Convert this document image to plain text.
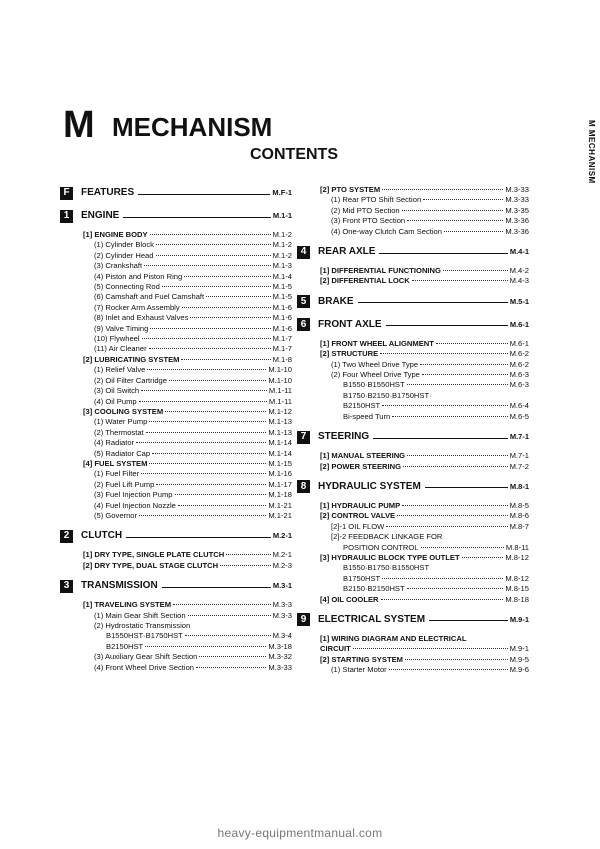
M MECHANISM
CONTENTS	M MECHANISM
F	FEATURES	M.F-1
1	ENGINE	M.1-1
[1] ENGINE BODY	M.1-2
(1) Cylinder Block	M.1-2
(2) Cylinder Head	M.1-2
(3) Crankshaft	M.1-3
(4) Piston and Piston Ring	M.1-4
(5) Connecting Rod	M.1-5
(6) Camshaft and Fuel Camshaft	M.1-5
(7) Rocker Arm Assembly	M.1-6
(8) Inlet and Exhaust Valves	M.1-6
(9) Valve Timing	M.1-6
(10) Flywheel	M.1-7
(11) Air Cleaner	M.1-7
[2] LUBRICATING SYSTEM	M.1-8
(1) Relief Valve	M.1-10
(2) Oil Filter Cartridge	M.1-10
(3) Oil Switch	M.1-11
(4) Oil Pump	M.1-11
[3] COOLING SYSTEM	M.1-12
(1) Water Pump	M.1-13
(2) Thermostat	M.1-13
(4) Radiator	M.1-14
(5) Radiator Cap	M.1-14
[4] FUEL SYSTEM	M.1-15
(1) Fuel Filter	M.1-16
(2) Fuel Lift Pump	M.1-17
(3) Fuel Injection Pump	M.1-18
(4) Fuel Injection Nozzle	M.1-21
(5) Governor	M.1-21
2	CLUTCH	M.2-1
[1] DRY TYPE, SINGLE PLATE CLUTCH	M.2-1
[2] DRY TYPE, DUAL STAGE CLUTCH	M.2-3
3	TRANSMISSION	M.3-1
[1] TRAVELING SYSTEM	M.3-3
(1) Main Gear Shift Section	M.3-3
(2) Hydrostatic Transmission
B1550HST·B1750HST	M.3-4
B2150HST	M.3-18
(3) Auxiliary Gear Shift Section	M.3-32
(4) Front Wheel Drive Section	M.3-33
[2] PTO SYSTEM	M.3-33
(1) Rear PTO Shift Section	M.3-33
(2) Mid PTO Section	M.3-35
(3) Front PTO Section	M.3-36
(4) One-way Clutch Cam Section	M.3-36
4	REAR AXLE	M.4-1
[1] DIFFERENTIAL FUNCTIONING	M.4-2
[2] DIFFERENTIAL LOCK	M.4-3
5	BRAKE	M.5-1
6	FRONT AXLE	M.6-1
[1] FRONT WHEEL ALIGNMENT	M.6-1
[2] STRUCTURE	M.6-2
(1) Two Wheel Drive Type	M.6-2
(2) Four Wheel Drive Type	M.6-3
B1550·B1550HST	M.6-3
B1750·B2150·B1750HST·
B2150HST	M.6-4
Bi-speed Turn	M.6-5
7	STEERING	M.7-1
[1] MANUAL STEERING	M.7-1
[2] POWER STEERING	M.7-2
8	HYDRAULIC SYSTEM	M.8-1
[1] HYDRAULIC PUMP	M.8-5
[2] CONTROL VALVE	M.8-6
[2]-1 OIL FLOW	M.8-7
[2]-2 FEEDBACK LINKAGE FOR
POSITION CONTROL	M.8-11
[3] HYDRAULIC BLOCK TYPE OUTLET	M.8-12
B1550·B1750·B1550HST
B1750HST	M.8-12
B2150·B2150HST	M.8-15
[4] OIL COOLER	M.8-18
9	ELECTRICAL SYSTEM	M.9-1
[1] WIRING DIAGRAM AND ELECTRICAL
CIRCUIT	M.9-1
[2] STARTING SYSTEM	M.9-5
(1) Starter Motor	M.9-6
heavy-equipmentmanual.com
